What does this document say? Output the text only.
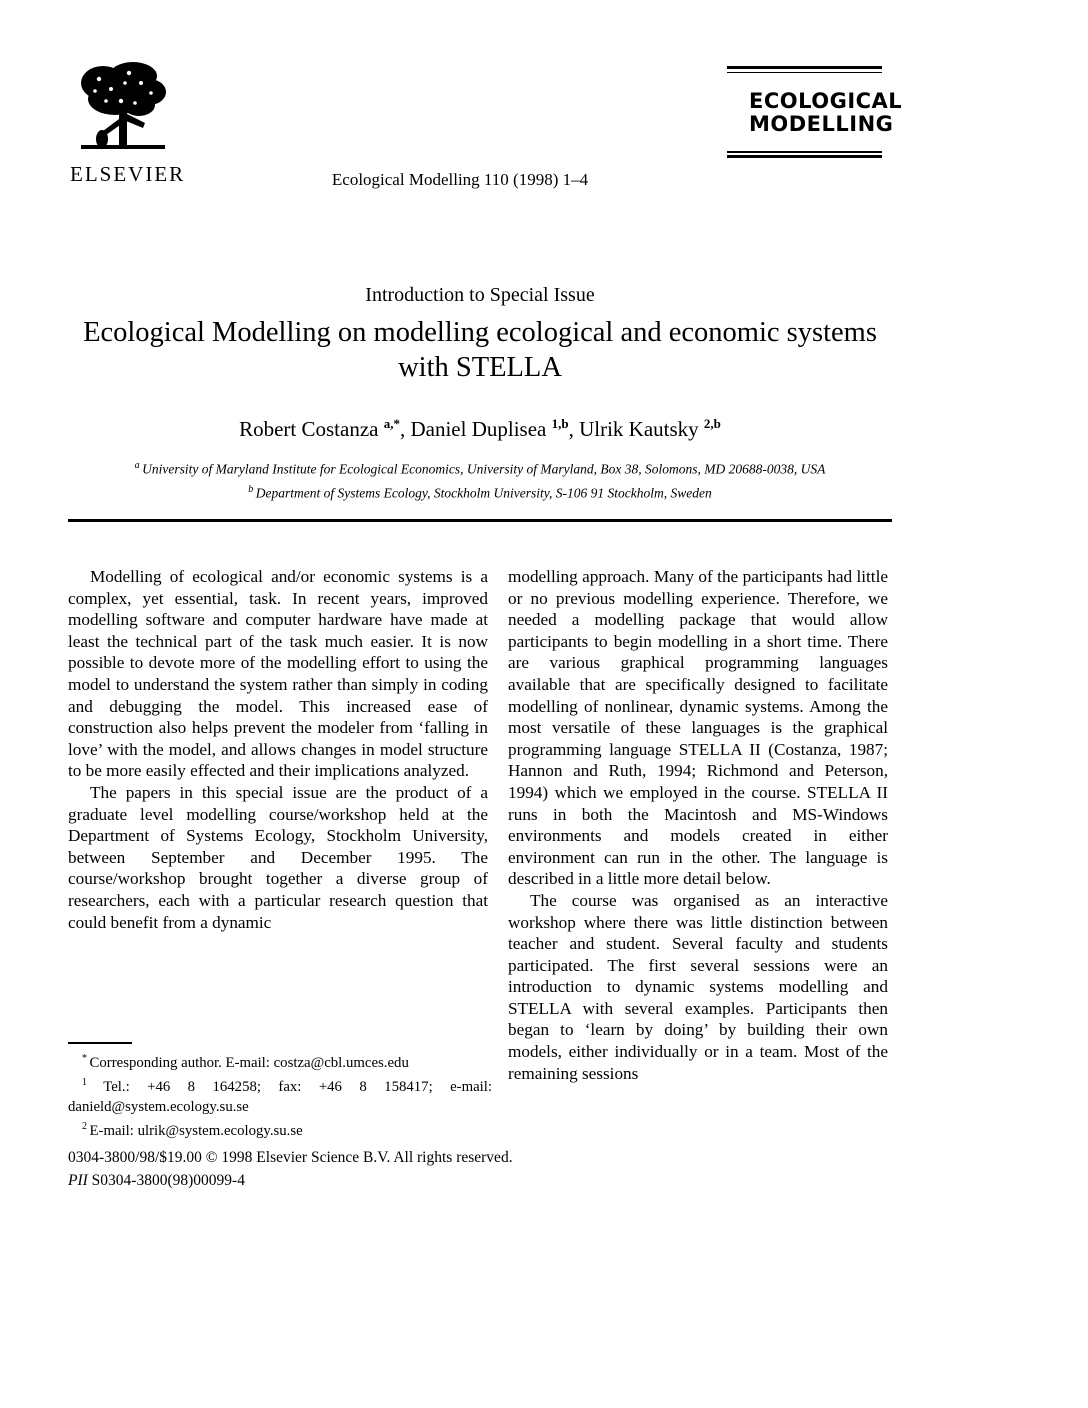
ELSEVIER	Ecological Modelling 110 (1998) 1–4
ECOLOGICAL
MODELLING
Introduction to Special Issue
Ecological Modelling on modelling ecological and economic systems with STELLA
Robert Costanza $^{a,*}$, Daniel Duplisea $^{1,b}$, Ulrik Kautsky $^{2,b}$
$^a$ University of Maryland Institute for Ecological Economics, University of Maryland, Box 38, Solomons, MD 20688-0038, USA
$^b$ Department of Systems Ecology, Stockholm University, S-106 91 Stockholm, Sweden

Modelling of ecological and/or economic systems is a complex, yet essential, task. In recent years, improved modelling software and computer hardware have made at least the technical part of the task much easier. It is now possible to devote more of the modelling effort to using the model to understand the system rather than simply in coding and debugging the model. This increased ease of construction also helps prevent the modeler from ‘falling in love’ with the model, and allows changes in model structure to be more easily effected and their implications analyzed.

The papers in this special issue are the product of a graduate level modelling course/workshop held at the Department of Systems Ecology, Stockholm University, between September and December 1995. The course/workshop brought together a diverse group of researchers, each with a particular research question that could benefit from a dynamic

modelling approach. Many of the participants had little or no previous modelling experience. Therefore, we needed a modelling package that would allow participants to begin modelling in a short time. There are various graphical programming languages available that are specifically designed to facilitate modelling of nonlinear, dynamic systems. Among the most versatile of these languages is the graphical programming language STELLA II (Costanza, 1987; Hannon and Ruth, 1994; Richmond and Peterson, 1994) which we employed in the course. STELLA II runs in both the Macintosh and MS-Windows environments and models created in either environment can run in the other. The language is described in a little more detail below.

The course was organised as an interactive workshop where there was little distinction between teacher and student. Several faculty and students participated. The first several sessions were an introduction to dynamic systems modelling and STELLA with several examples. Participants then began to ‘learn by doing’ by building their own models, either individually or in a team. Most of the remaining sessions

* Corresponding author. E-mail: costza@cbl.umces.edu

$^1$ Tel.: +46 8 164258; fax: +46 8 158417; e-mail: danield@system.ecology.su.se

$^2$ E-mail: ulrik@system.ecology.su.se

0304-3800/98/$19.00 © 1998 Elsevier Science B.V. All rights reserved.
PII S0304-3800(98)00099-4
